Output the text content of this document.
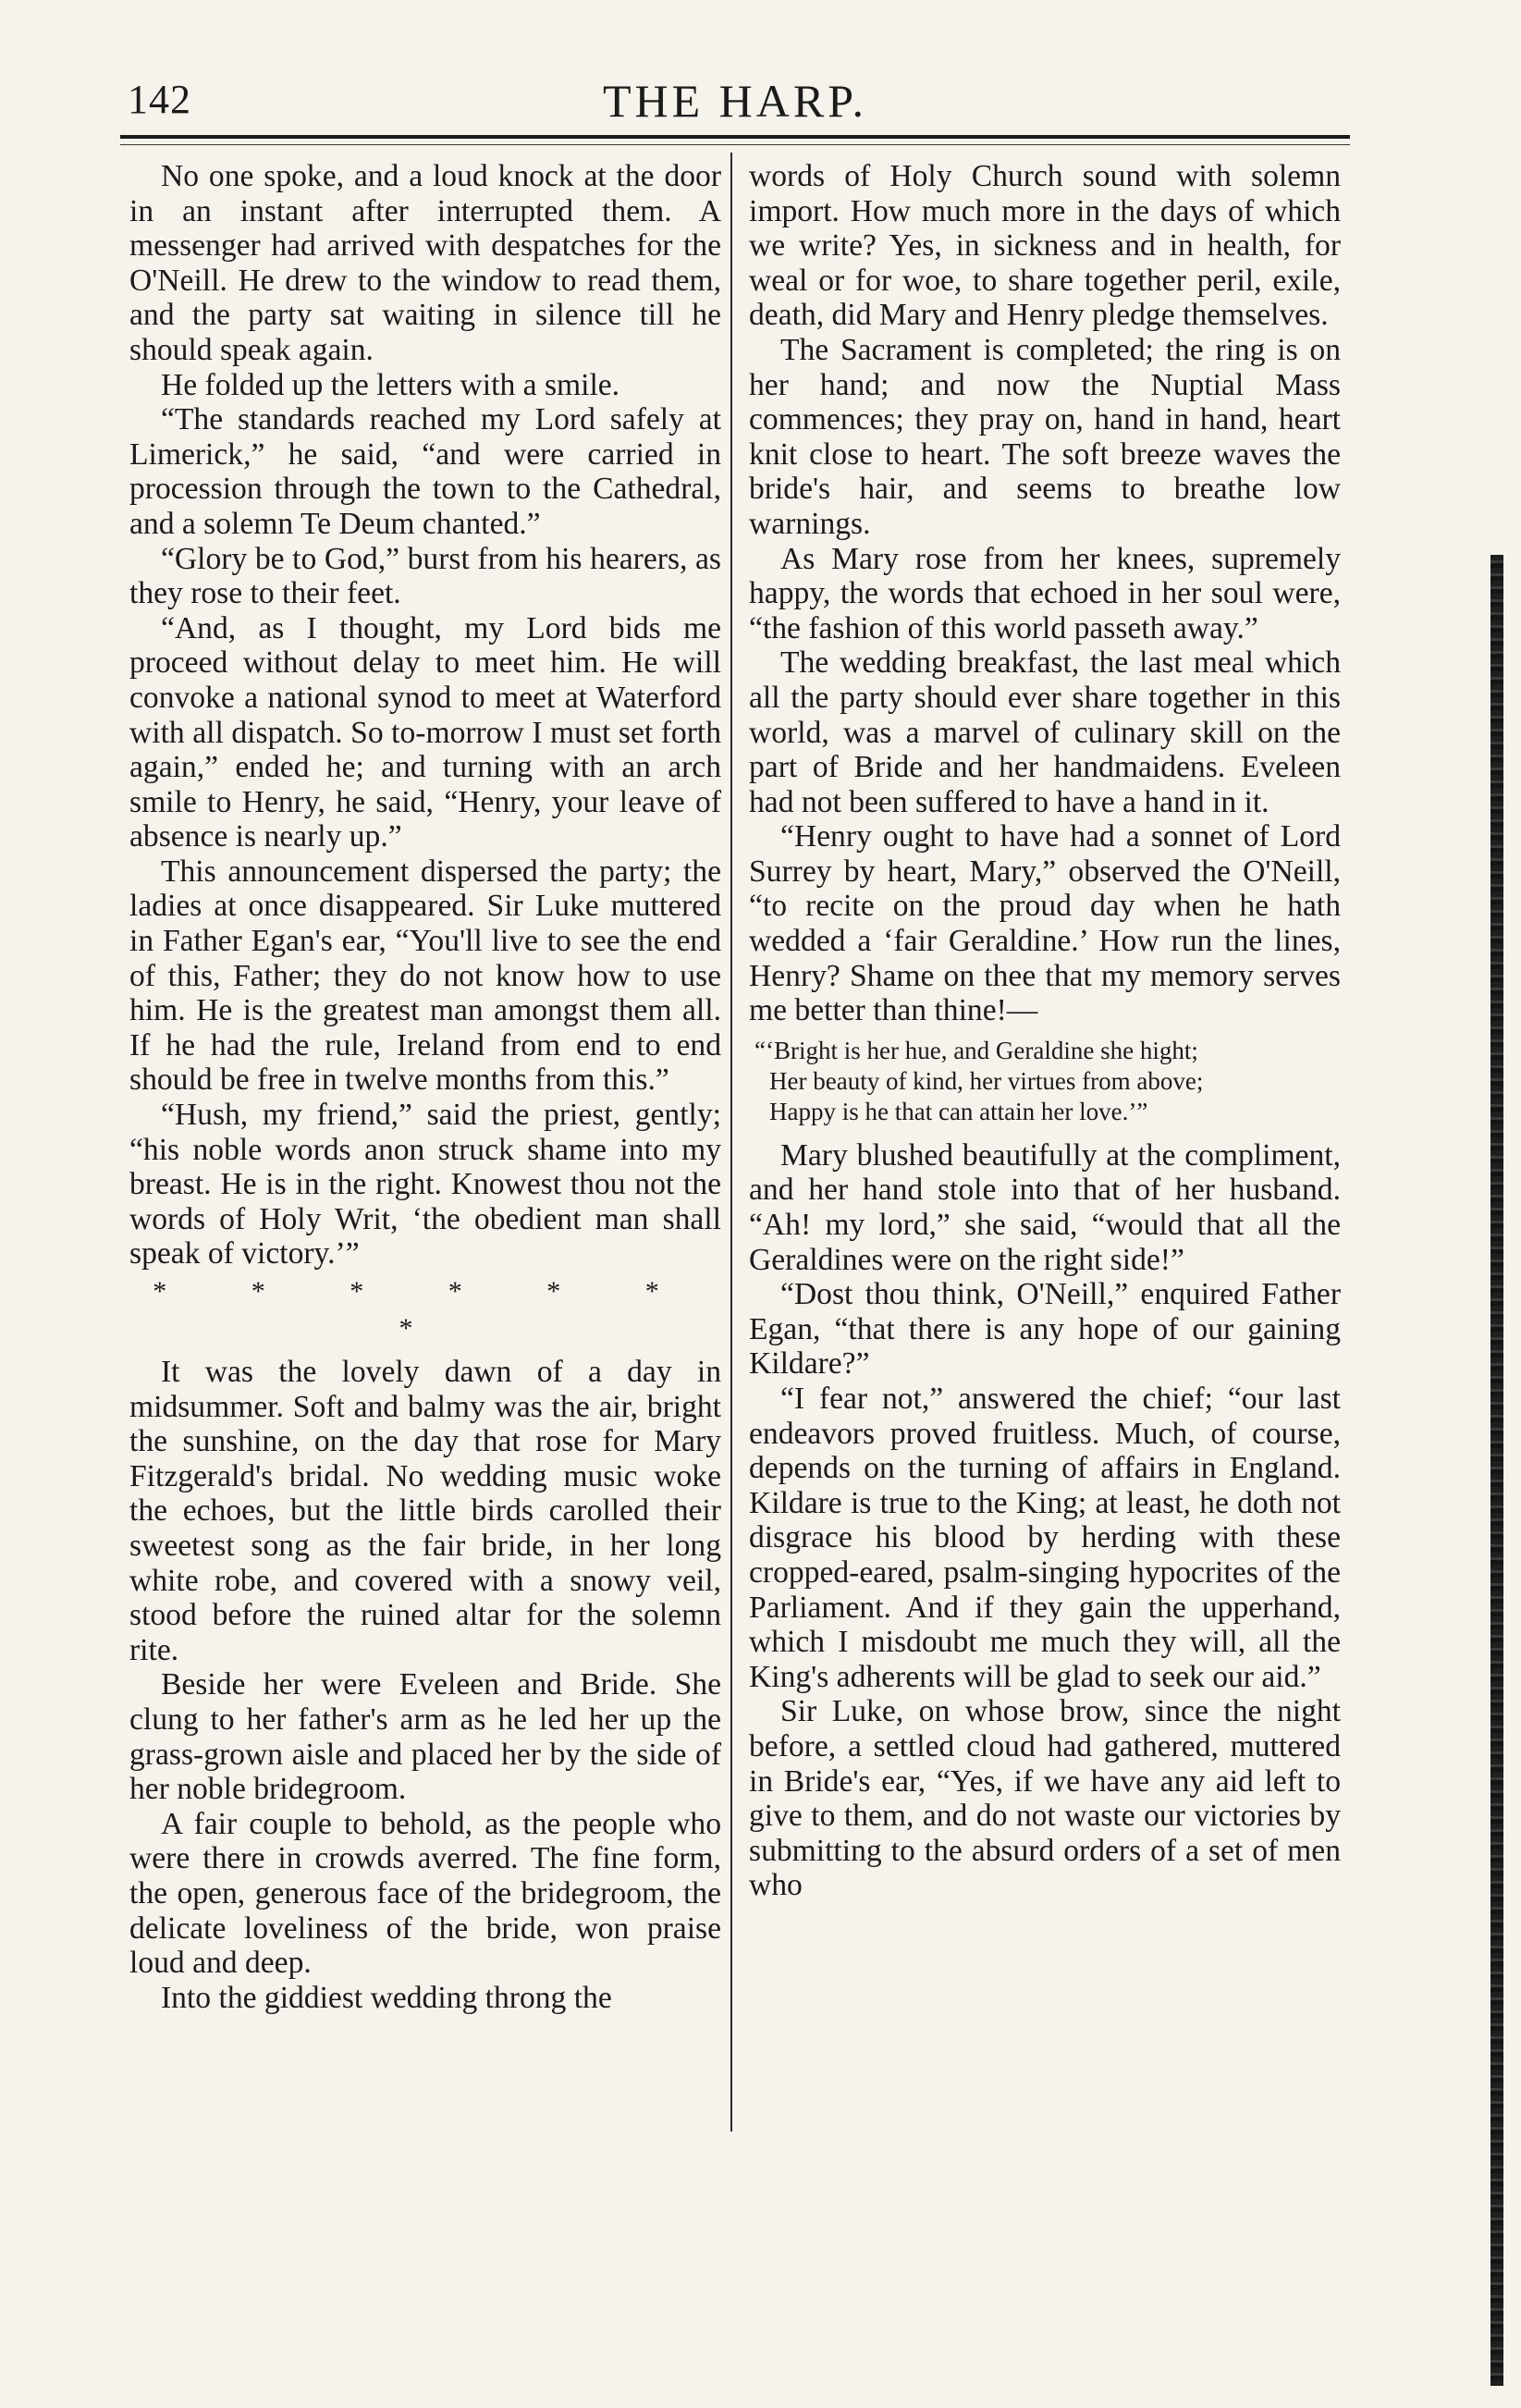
142	THE HARP.

No one spoke, and a loud knock at the door in an instant after interrupted them. A messenger had arrived with despatches for the O'Neill. He drew to the window to read them, and the party sat waiting in silence till he should speak again.

He folded up the letters with a smile.

“The standards reached my Lord safely at Limerick,” he said, “and were carried in procession through the town to the Cathedral, and a solemn Te Deum chanted.”

“Glory be to God,” burst from his hearers, as they rose to their feet.

“And, as I thought, my Lord bids me proceed without delay to meet him. He will convoke a national synod to meet at Waterford with all dispatch. So to-morrow I must set forth again,” ended he; and turning with an arch smile to Henry, he said, “Henry, your leave of absence is nearly up.”

This announcement dispersed the party; the ladies at once disappeared. Sir Luke muttered in Father Egan's ear, “You'll live to see the end of this, Father; they do not know how to use him. He is the greatest man amongst them all. If he had the rule, Ireland from end to end should be free in twelve months from this.”

“Hush, my friend,” said the priest, gently; “his noble words anon struck shame into my breast. He is in the right. Knowest thou not the words of Holy Writ, ‘the obedient man shall speak of victory.’”

* * * * * * *

It was the lovely dawn of a day in midsummer. Soft and balmy was the air, bright the sunshine, on the day that rose for Mary Fitzgerald's bridal. No wedding music woke the echoes, but the little birds carolled their sweetest song as the fair bride, in her long white robe, and covered with a snowy veil, stood before the ruined altar for the solemn rite.

Beside her were Eveleen and Bride. She clung to her father's arm as he led her up the grass-grown aisle and placed her by the side of her noble bridegroom.

A fair couple to behold, as the people who were there in crowds averred. The fine form, the open, generous face of the bridegroom, the delicate loveliness of the bride, won praise loud and deep.

Into the giddiest wedding throng the

words of Holy Church sound with solemn import. How much more in the days of which we write? Yes, in sickness and in health, for weal or for woe, to share together peril, exile, death, did Mary and Henry pledge themselves.

The Sacrament is completed; the ring is on her hand; and now the Nuptial Mass commences; they pray on, hand in hand, heart knit close to heart. The soft breeze waves the bride's hair, and seems to breathe low warnings.

As Mary rose from her knees, supremely happy, the words that echoed in her soul were, “the fashion of this world passeth away.”

The wedding breakfast, the last meal which all the party should ever share together in this world, was a marvel of culinary skill on the part of Bride and her handmaidens. Eveleen had not been suffered to have a hand in it.

“Henry ought to have had a sonnet of Lord Surrey by heart, Mary,” observed the O'Neill, “to recite on the proud day when he hath wedded a ‘fair Geraldine.’ How run the lines, Henry? Shame on thee that my memory serves me better than thine!—

“‘Bright is her hue, and Geraldine she hight;
Her beauty of kind, her virtues from above;
Happy is he that can attain her love.’”

Mary blushed beautifully at the compliment, and her hand stole into that of her husband. “Ah! my lord,” she said, “would that all the Geraldines were on the right side!”

“Dost thou think, O'Neill,” enquired Father Egan, “that there is any hope of our gaining Kildare?”

“I fear not,” answered the chief; “our last endeavors proved fruitless. Much, of course, depends on the turning of affairs in England. Kildare is true to the King; at least, he doth not disgrace his blood by herding with these cropped-eared, psalm-singing hypocrites of the Parliament. And if they gain the upperhand, which I misdoubt me much they will, all the King's adherents will be glad to seek our aid.”

Sir Luke, on whose brow, since the night before, a settled cloud had gathered, muttered in Bride's ear, “Yes, if we have any aid left to give to them, and do not waste our victories by submitting to the absurd orders of a set of men who
